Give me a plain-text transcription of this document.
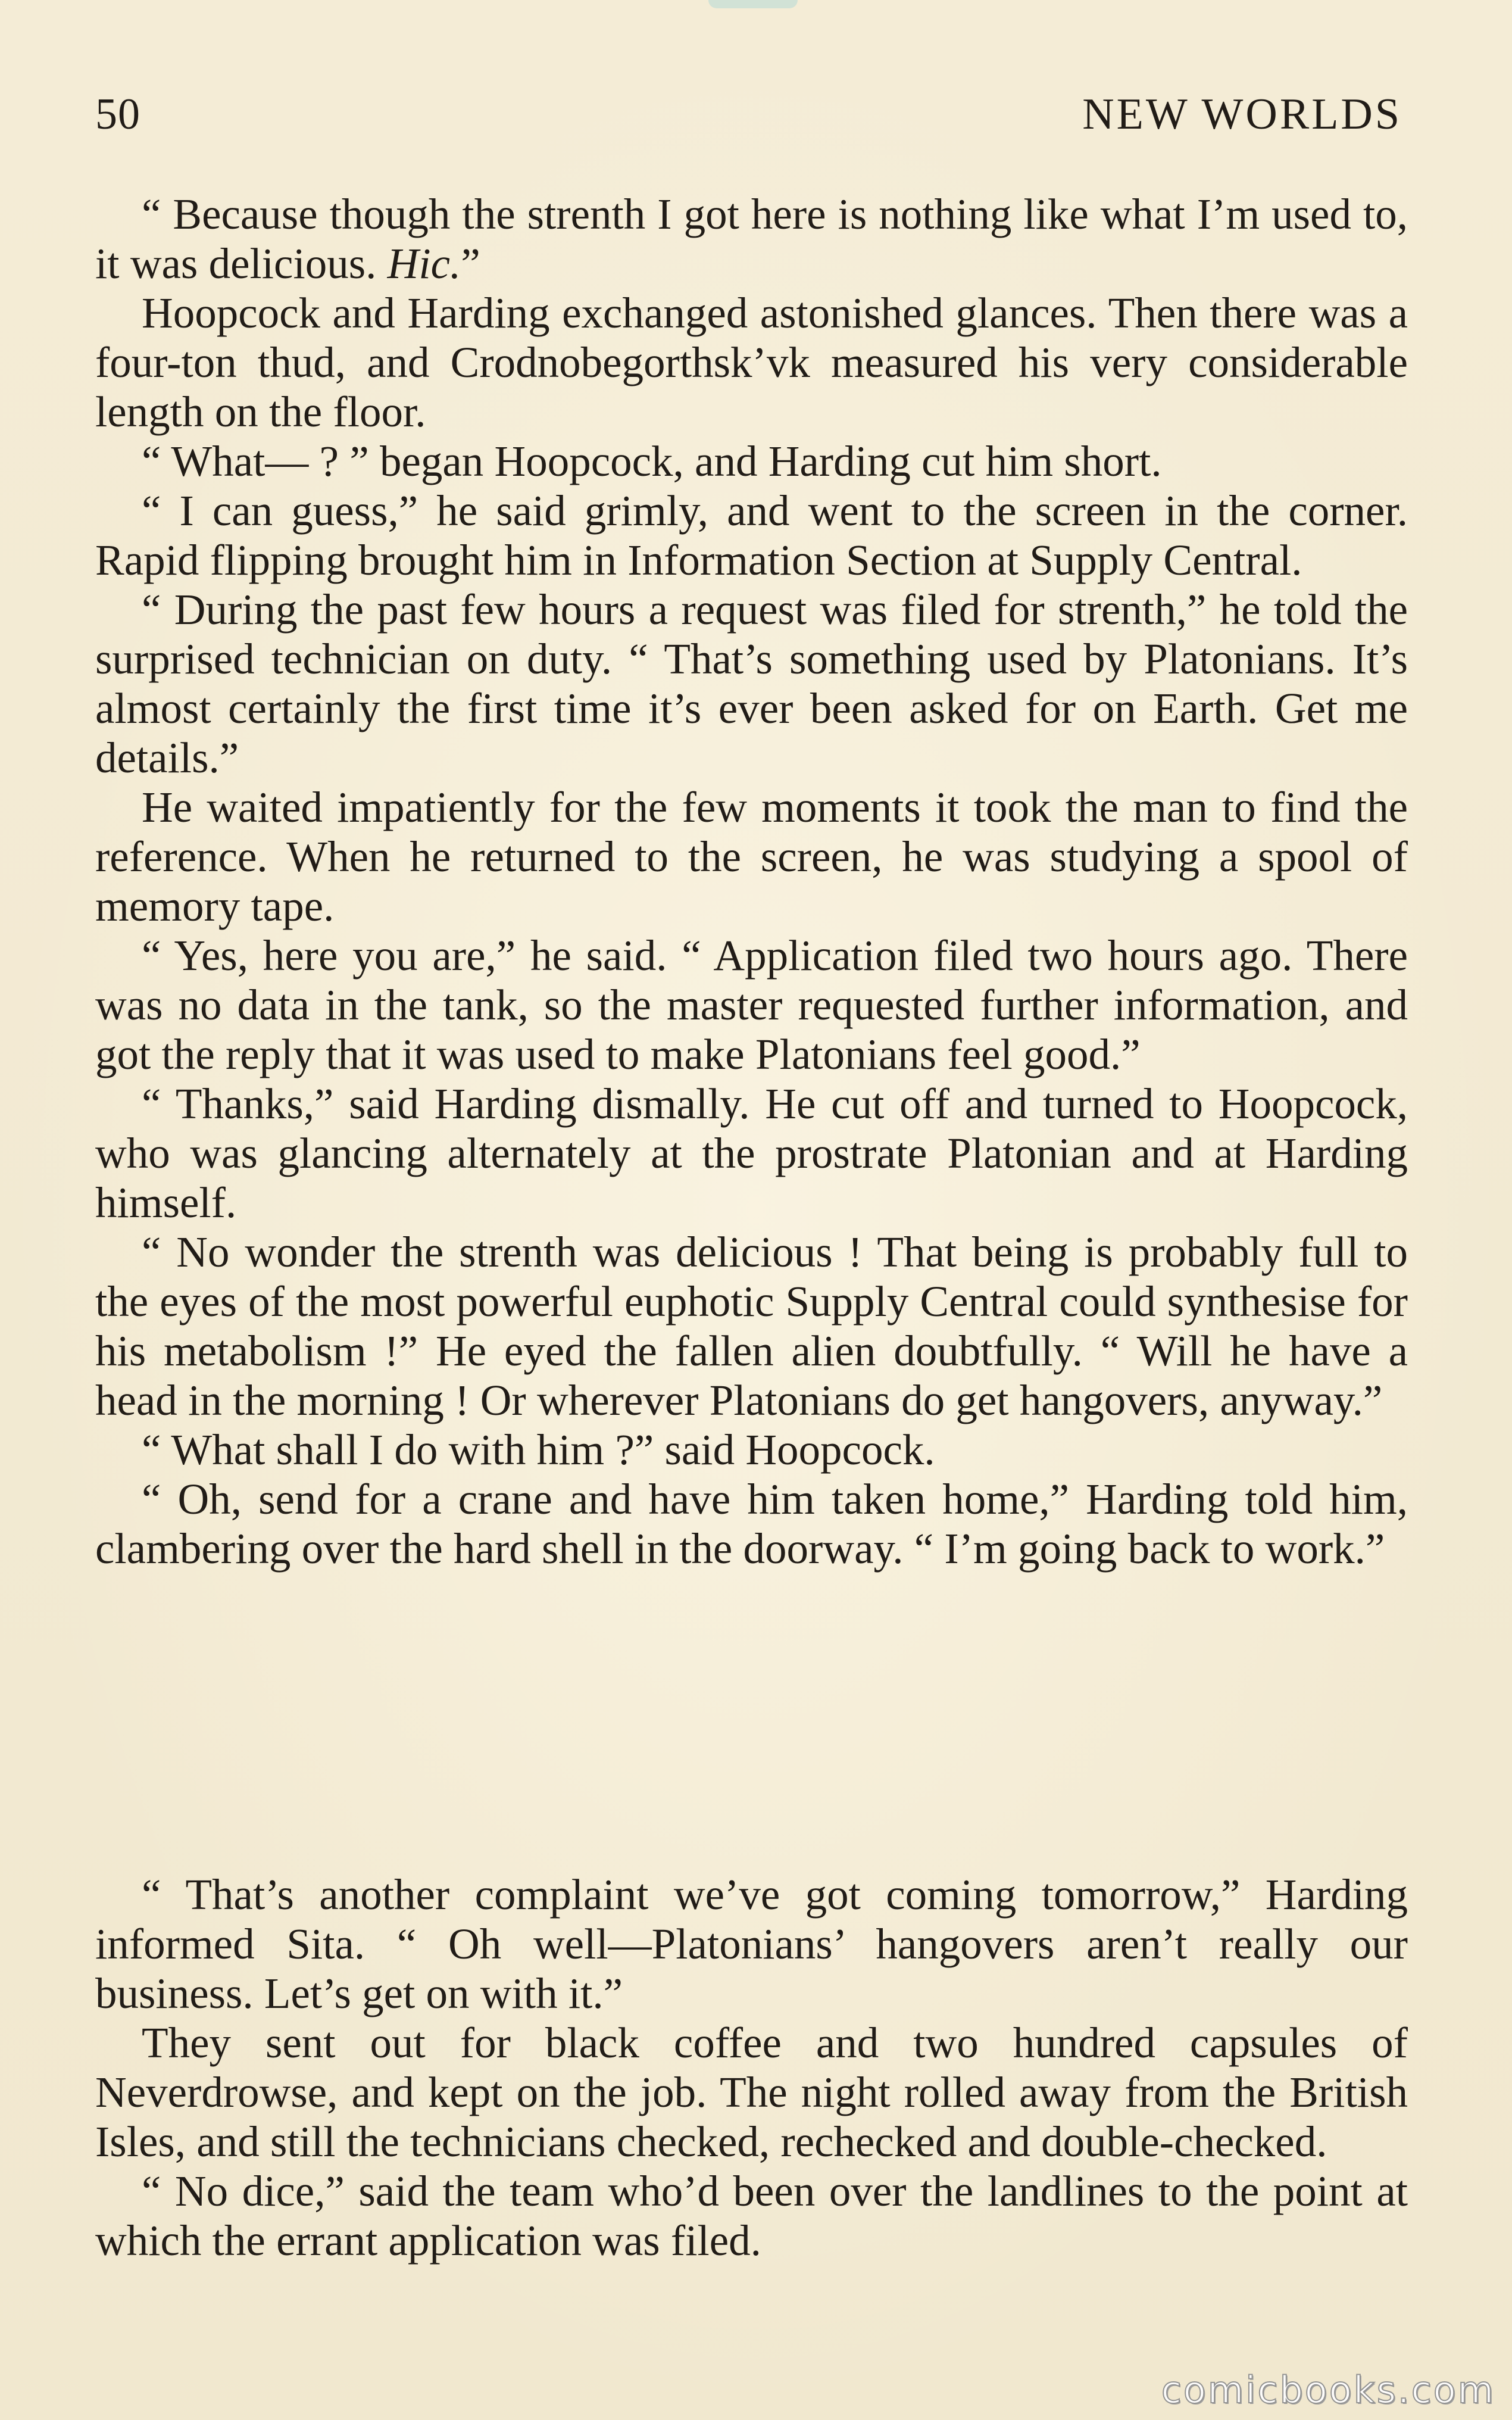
50	NEW WORLDS

“ Because though the strenth I got here is nothing like what I’m used to, it was delicious. Hic.”

Hoopcock and Harding exchanged astonished glances. Then there was a four-ton thud, and Crodnobegorthsk’vk measured his very considerable length on the floor.

“ What— ? ” began Hoopcock, and Harding cut him short.

“ I can guess,” he said grimly, and went to the screen in the corner. Rapid flipping brought him in Information Section at Supply Central.

“ During the past few hours a request was filed for strenth,” he told the surprised technician on duty. “ That’s something used by Platonians. It’s almost certainly the first time it’s ever been asked for on Earth. Get me details.”

He waited impatiently for the few moments it took the man to find the reference. When he returned to the screen, he was studying a spool of memory tape.

“ Yes, here you are,” he said. “ Application filed two hours ago. There was no data in the tank, so the master requested further information, and got the reply that it was used to make Platonians feel good.”

“ Thanks,” said Harding dismally. He cut off and turned to Hoopcock, who was glancing alternately at the prostrate Platonian and at Harding himself.

“ No wonder the strenth was delicious ! That being is probably full to the eyes of the most powerful euphotic Supply Central could synthesise for his metabolism !” He eyed the fallen alien doubtfully. “ Will he have a head in the morning ! Or wherever Platonians do get hangovers, anyway.”

“ What shall I do with him ?” said Hoopcock.

“ Oh, send for a crane and have him taken home,” Harding told him, clambering over the hard shell in the doorway. “ I’m going back to work.”

“ That’s another complaint we’ve got coming tomorrow,” Harding informed Sita. “ Oh well—Platonians’ hangovers aren’t really our business. Let’s get on with it.”

They sent out for black coffee and two hundred capsules of Neverdrowse, and kept on the job. The night rolled away from the British Isles, and still the technicians checked, rechecked and double-checked.

“ No dice,” said the team who’d been over the landlines to the point at which the errant application was filed.

comicbooks.com
